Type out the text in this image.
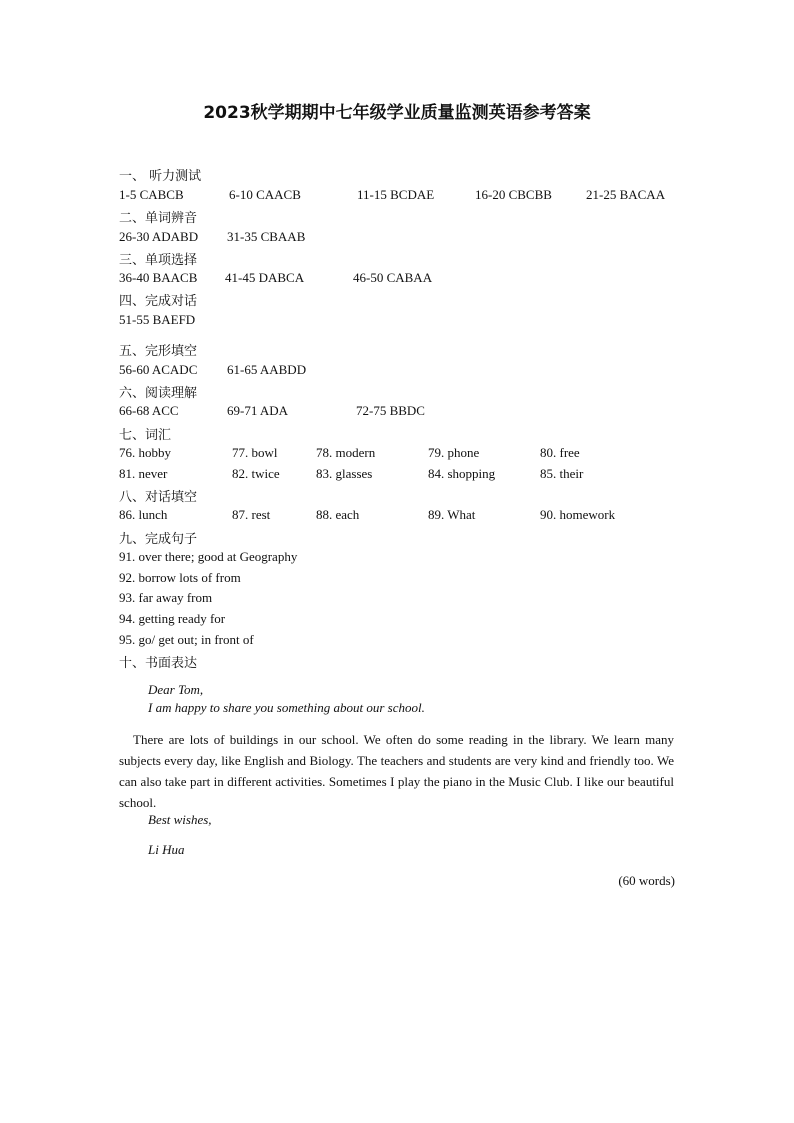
2023秋学期期中七年级学业质量监测英语参考答案
一、 听力测试
1-5 CABCB	6-10 CAACB	11-15 BCDAE	16-20 CBCBB	21-25 BACAA
二、单词辨音
26-30 ADABD 31-35 CBAAB
三、单项选择
36-40 BAACB 41-45 DABCA	46-50 CABAA
四、完成对话
51-55 BAEFD
五、完形填空
56-60 ACADC 61-65 AABDD
六、阅读理解
66-68 ACC	69-71 ADA	72-75 BBDC
七、词汇
76. hobby	77. bowl	78. modern	79. phone	80. free
81. never	82. twice	83. glasses	84. shopping	85. their
八、对话填空
86. lunch	87. rest	88. each	89. What	90. homework
九、完成句子
91. over there; good at Geography
92. borrow lots of from
93. far away from
94. getting ready for
95. go/ get out; in front of
十、书面表达
Dear Tom,
I am happy to share you something about our school.
There are lots of buildings in our school. We often do some reading in the library. We learn many subjects every day, like English and Biology. The teachers and students are very kind and friendly too. We can also take part in different activities. Sometimes I play the piano in the Music Club. I like our beautiful school.
Best wishes,
Li Hua
(60 words)
